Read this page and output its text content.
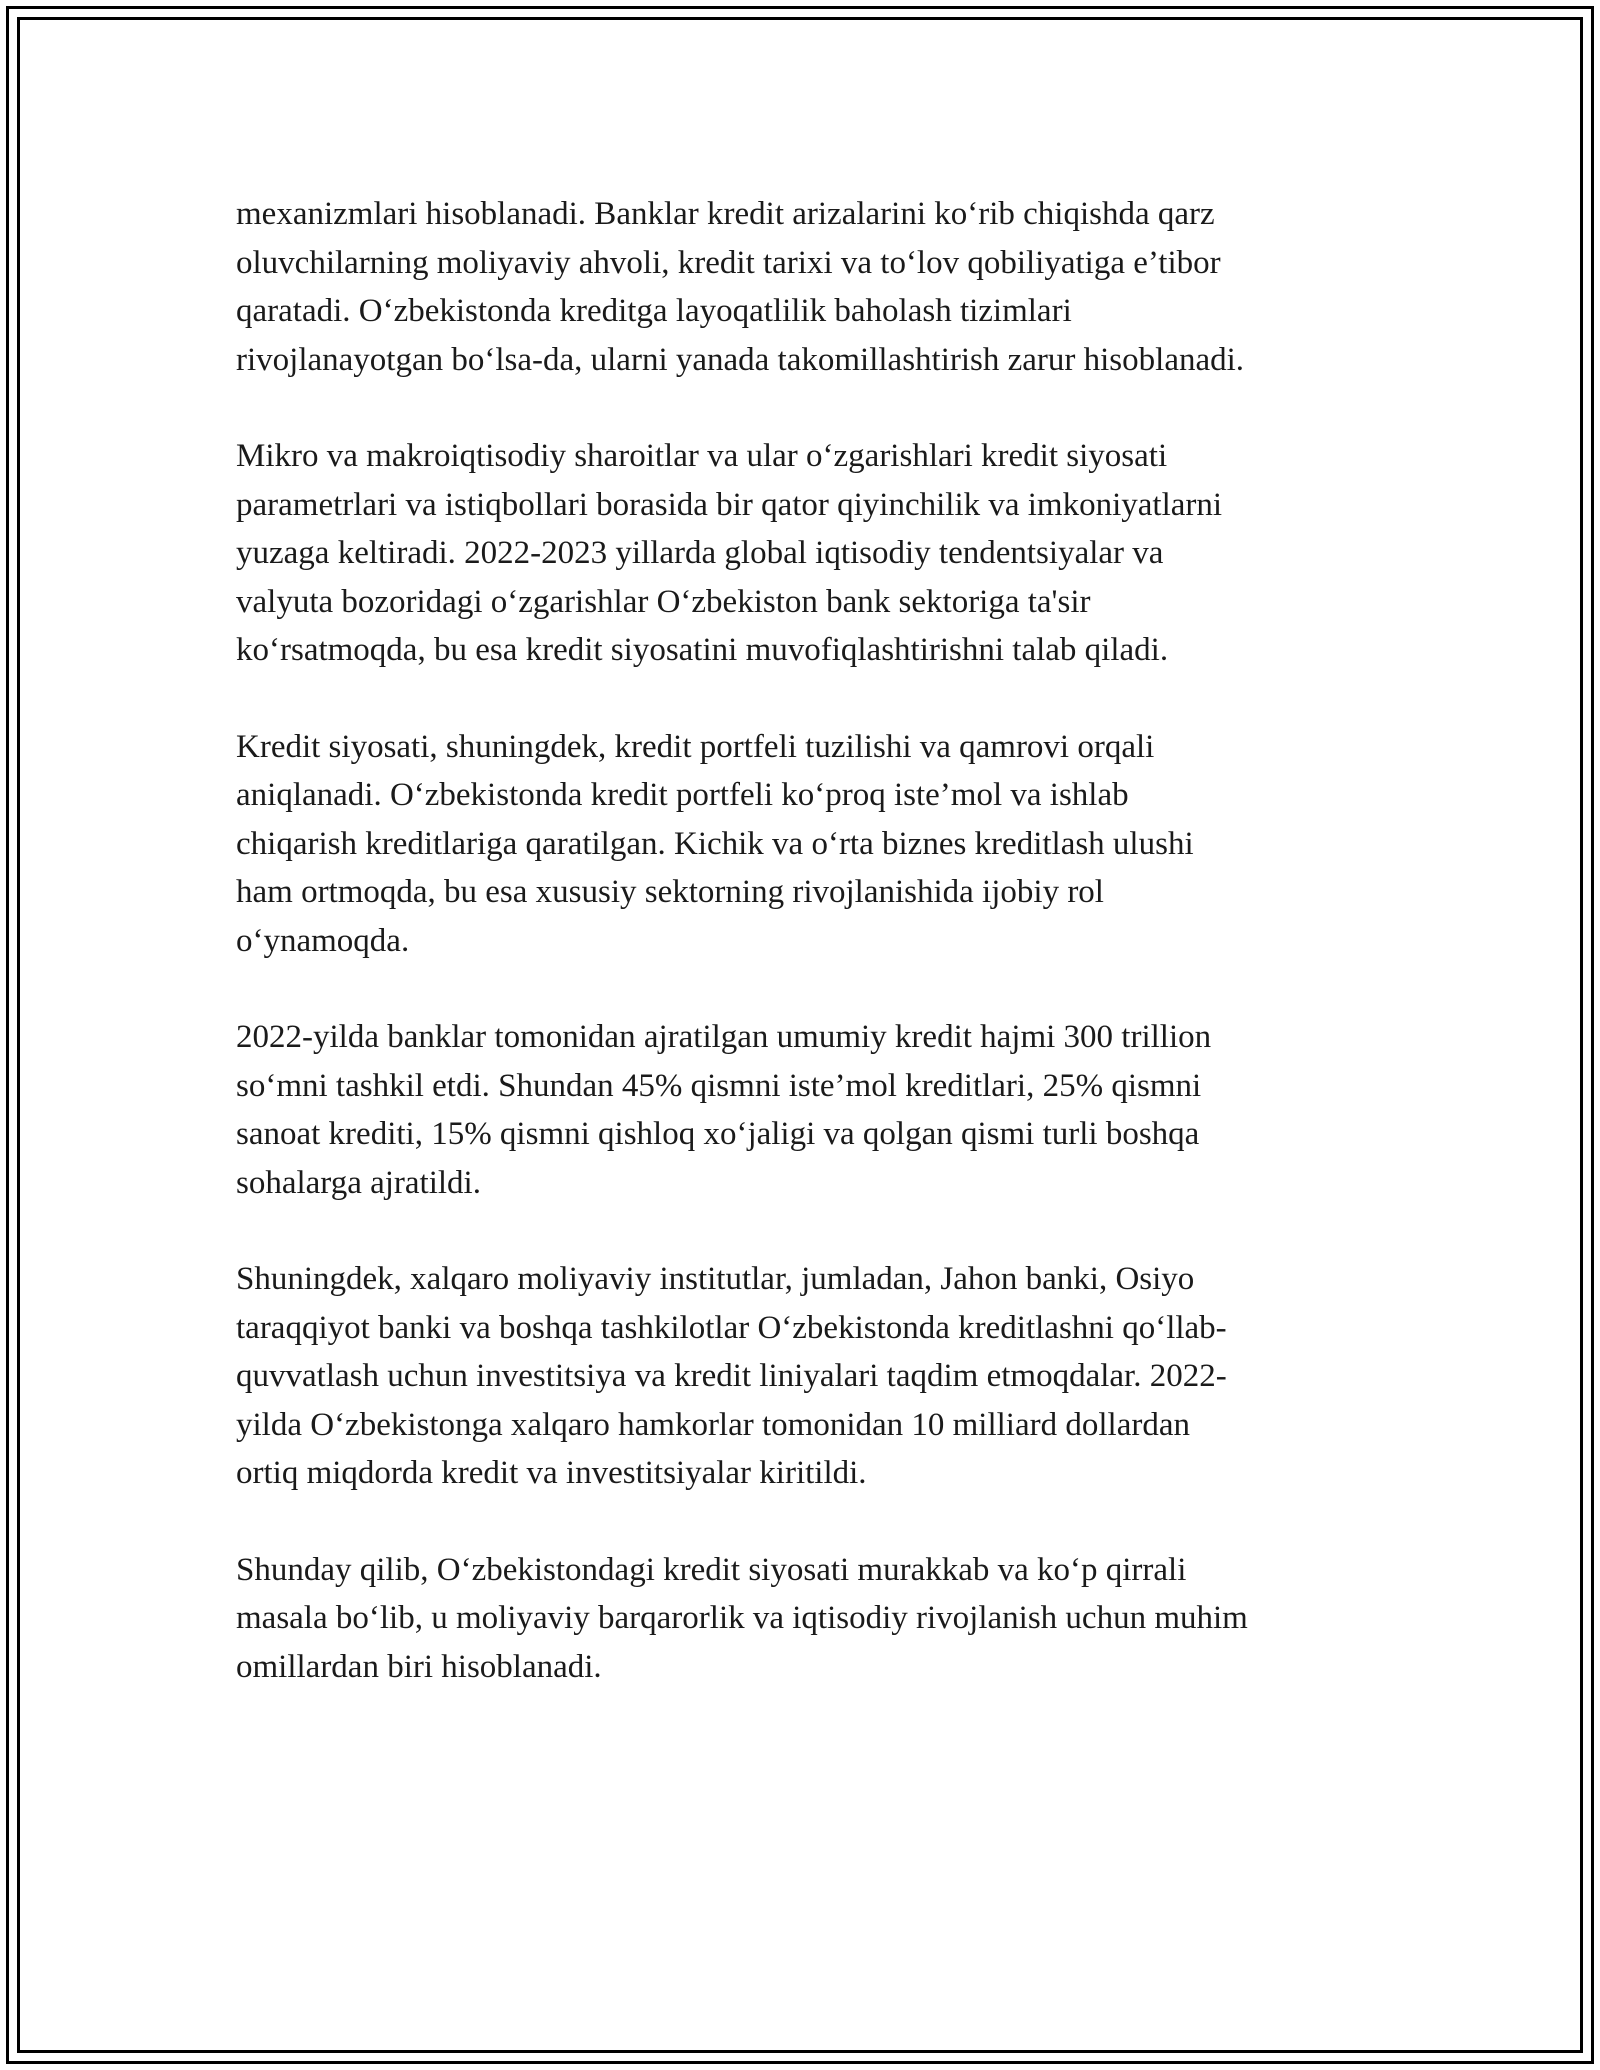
mexanizmlari hisoblanadi. Banklar kredit arizalarini ko‘rib chiqishda qarz
oluvchilarning moliyaviy ahvoli, kredit tarixi va to‘lov qobiliyatiga e’tibor
qaratadi. O‘zbekistonda kreditga layoqatlilik baholash tizimlari
rivojlanayotgan bo‘lsa-da, ularni yanada takomillashtirish zarur hisoblanadi.

Mikro va makroiqtisodiy sharoitlar va ular o‘zgarishlari kredit siyosati
parametrlari va istiqbollari borasida bir qator qiyinchilik va imkoniyatlarni
yuzaga keltiradi. 2022-2023 yillarda global iqtisodiy tendentsiyalar va
valyuta bozoridagi o‘zgarishlar O‘zbekiston bank sektoriga ta'sir
ko‘rsatmoqda, bu esa kredit siyosatini muvofiqlashtirishni talab qiladi.

Kredit siyosati, shuningdek, kredit portfeli tuzilishi va qamrovi orqali
aniqlanadi. O‘zbekistonda kredit portfeli ko‘proq iste’mol va ishlab
chiqarish kreditlariga qaratilgan. Kichik va o‘rta biznes kreditlash ulushi
ham ortmoqda, bu esa xususiy sektorning rivojlanishida ijobiy rol
o‘ynamoqda.

2022-yilda banklar tomonidan ajratilgan umumiy kredit hajmi 300 trillion
so‘mni tashkil etdi. Shundan 45% qismni iste’mol kreditlari, 25% qismni
sanoat krediti, 15% qismni qishloq xo‘jaligi va qolgan qismi turli boshqa
sohalarga ajratildi.

Shuningdek, xalqaro moliyaviy institutlar, jumladan, Jahon banki, Osiyo
taraqqiyot banki va boshqa tashkilotlar O‘zbekistonda kreditlashni qo‘llab-
quvvatlash uchun investitsiya va kredit liniyalari taqdim etmoqdalar. 2022-
yilda O‘zbekistonga xalqaro hamkorlar tomonidan 10 milliard dollardan
ortiq miqdorda kredit va investitsiyalar kiritildi.

Shunday qilib, O‘zbekistondagi kredit siyosati murakkab va ko‘p qirrali
masala bo‘lib, u moliyaviy barqarorlik va iqtisodiy rivojlanish uchun muhim
omillardan biri hisoblanadi.
